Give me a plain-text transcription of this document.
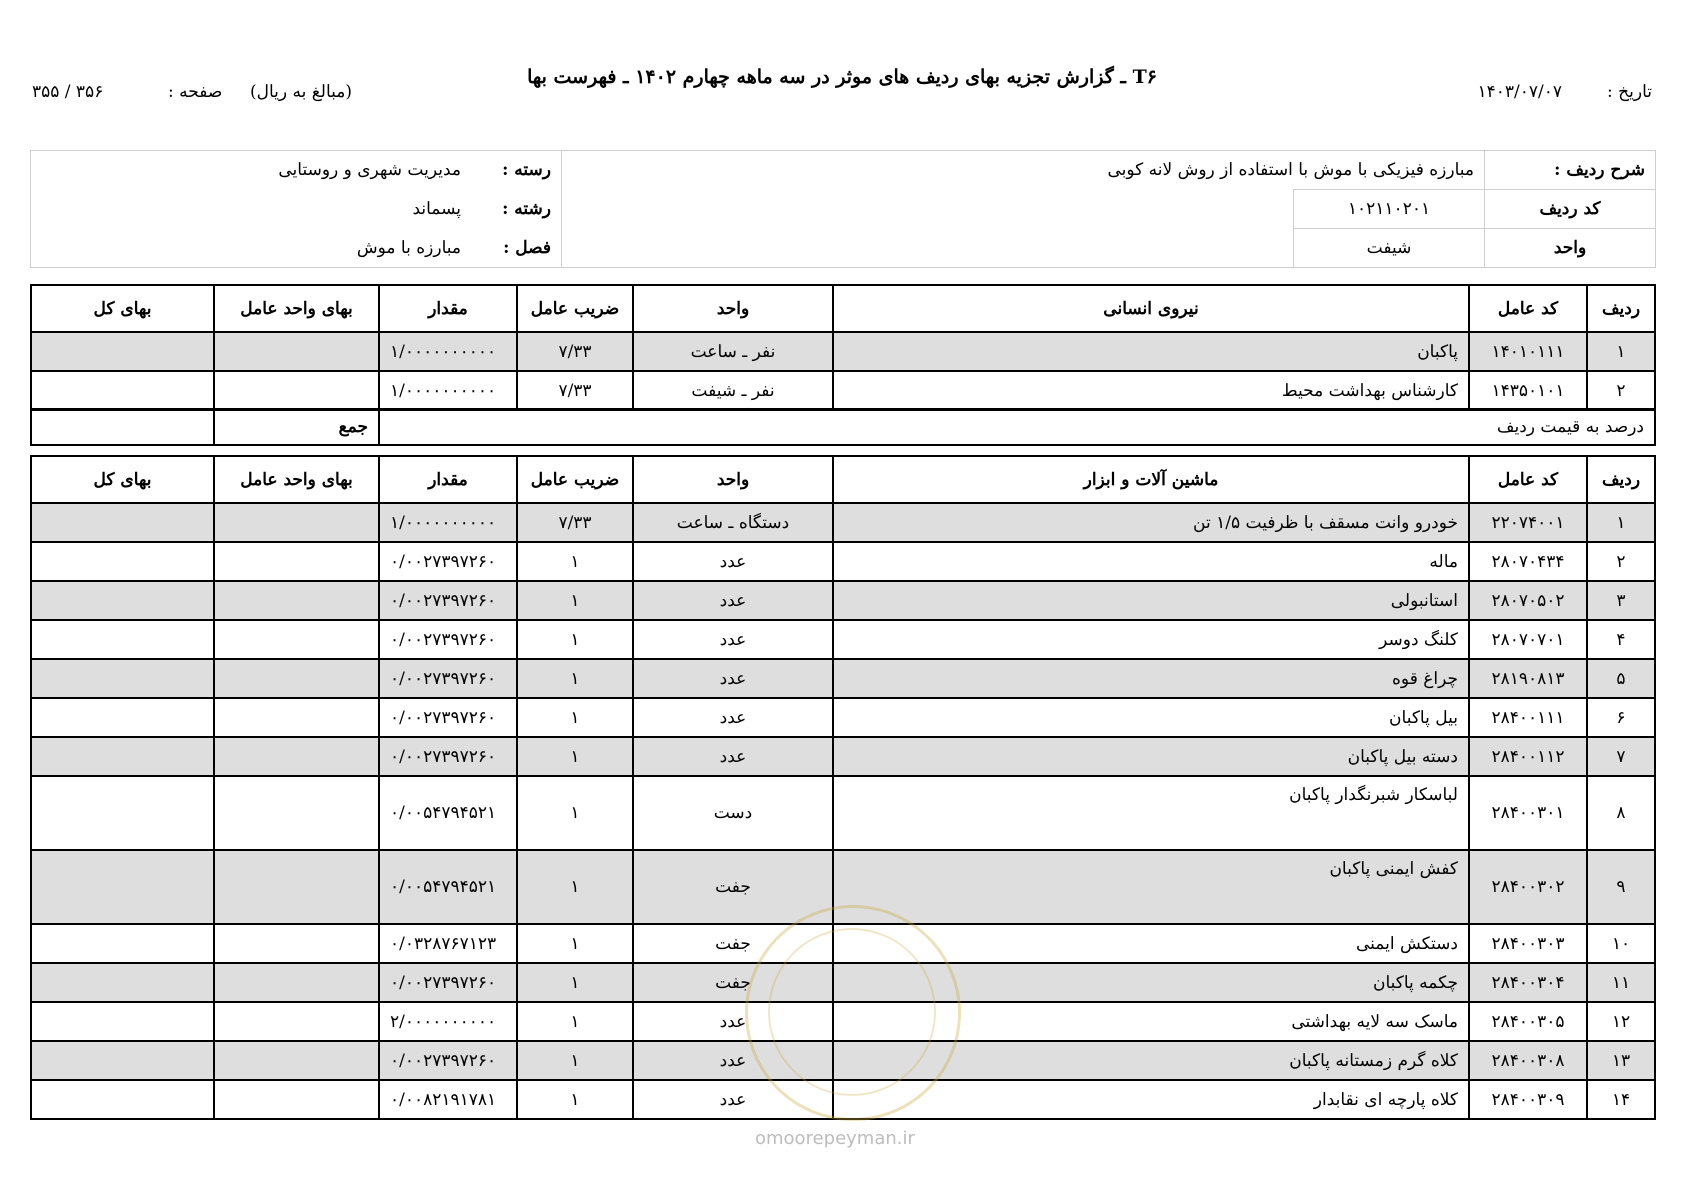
T۶ ـ گزارش تجزیه بهای ردیف های موثر در سه ماهه چهارم ۱۴۰۲ ـ فهرست بها
تاریخ :
۱۴۰۳/۰۷/۰۷
(مبالغ به ریال)
صفحه :
۳۵۵ / ۳۵۶
شرح ردیف :	مبارزه فیزیکی با موش با استفاده از روش لانه کوبی		رسته :	مدیریت شهری و روستایی
کد ردیف	۱۰۲۱۱۰۲۰۱		رشته :	پسماند
واحد	شیفت		فصل :	مبارزه با موش
ردیف	کد عامل	نیروی انسانی	واحد	ضریب عامل	مقدار	بهای واحد عامل	بهای کل
۱	۱۴۰۱۰۱۱۱	پاکبان	نفر ـ ساعت	۷/۳۳	۱/۰۰۰۰۰۰۰۰۰۰		
۲	۱۴۳۵۰۱۰۱	کارشناس بهداشت محیط	نفر ـ شیفت	۷/۳۳	۱/۰۰۰۰۰۰۰۰۰۰		
درصد به قیمت ردیف	جمع	
ردیف	کد عامل	ماشین آلات و ابزار	واحد	ضریب عامل	مقدار	بهای واحد عامل	بهای کل
۱	۲۲۰۷۴۰۰۱	خودرو وانت مسقف با ظرفیت ۱/۵ تن	دستگاه ـ ساعت	۷/۳۳	۱/۰۰۰۰۰۰۰۰۰۰		
۲	۲۸۰۷۰۴۳۴	ماله	عدد	۱	۰/۰۰۲۷۳۹۷۲۶۰		
۳	۲۸۰۷۰۵۰۲	استانبولی	عدد	۱	۰/۰۰۲۷۳۹۷۲۶۰		
۴	۲۸۰۷۰۷۰۱	کلنگ دوسر	عدد	۱	۰/۰۰۲۷۳۹۷۲۶۰		
۵	۲۸۱۹۰۸۱۳	چراغ قوه	عدد	۱	۰/۰۰۲۷۳۹۷۲۶۰		
۶	۲۸۴۰۰۱۱۱	بیل پاکبان	عدد	۱	۰/۰۰۲۷۳۹۷۲۶۰		
۷	۲۸۴۰۰۱۱۲	دسته بیل پاکبان	عدد	۱	۰/۰۰۲۷۳۹۷۲۶۰		
۸	۲۸۴۰۰۳۰۱	لباسکار شبرنگدار پاکبان	دست	۱	۰/۰۰۵۴۷۹۴۵۲۱		
۹	۲۸۴۰۰۳۰۲	کفش ایمنی پاکبان	جفت	۱	۰/۰۰۵۴۷۹۴۵۲۱		
۱۰	۲۸۴۰۰۳۰۳	دستکش ایمنی	جفت	۱	۰/۰۳۲۸۷۶۷۱۲۳		
۱۱	۲۸۴۰۰۳۰۴	چکمه پاکبان	جفت	۱	۰/۰۰۲۷۳۹۷۲۶۰		
۱۲	۲۸۴۰۰۳۰۵	ماسک سه لایه بهداشتی	عدد	۱	۲/۰۰۰۰۰۰۰۰۰۰		
۱۳	۲۸۴۰۰۳۰۸	کلاه گرم زمستانه پاکبان	عدد	۱	۰/۰۰۲۷۳۹۷۲۶۰		
۱۴	۲۸۴۰۰۳۰۹	کلاه پارچه ای نقابدار	عدد	۱	۰/۰۰۸۲۱۹۱۷۸۱		
omoorepeyman.ir
